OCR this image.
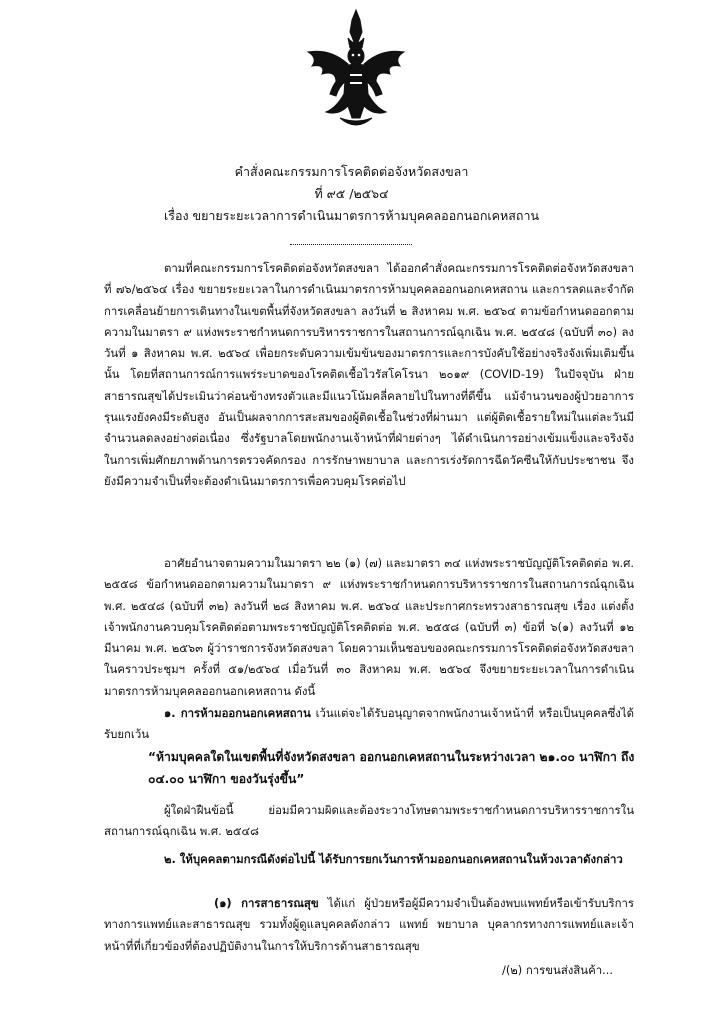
คำสั่งคณะกรรมการโรคติดต่อจังหวัดสงขลา
ที่ ๙๕ /๒๕๖๔
เรื่อง ขยายระยะเวลาการดำเนินมาตรการห้ามบุคคลออกนอกเคหสถาน

ตามที่คณะกรรมการโรคติดต่อจังหวัดสงขลา ได้ออกคำสั่งคณะกรรมการโรคติดต่อจังหวัดสงขลา ที่ ๗๖/๒๕๖๔ เรื่อง ขยายระยะเวลาในการดำเนินมาตรการห้ามบุคคลออกนอกเคหสถาน และการลดและจำกัดการเคลื่อนย้ายการเดินทางในเขตพื้นที่จังหวัดสงขลา ลงวันที่ ๒ สิงหาคม พ.ศ. ๒๕๖๔ ตามข้อกำหนดออกตามความในมาตรา ๙ แห่งพระราชกำหนดการบริหารราชการในสถานการณ์ฉุกเฉิน พ.ศ. ๒๕๔๘ (ฉบับที่ ๓๐) ลงวันที่ ๑ สิงหาคม พ.ศ. ๒๕๖๔ เพื่อยกระดับความเข้มข้นของมาตรการและการบังคับใช้อย่างจริงจังเพิ่มเติมขึ้นนั้น โดยที่สถานการณ์การแพร่ระบาดของโรคติดเชื้อไวรัสโคโรนา ๒๐๑๙ (COVID-19) ในปัจจุบัน ฝ่ายสาธารณสุขได้ประเมินว่าค่อนข้างทรงตัวและมีแนวโน้มคลี่คลายไปในทางที่ดีขึ้น แม้จำนวนของผู้ป่วยอาการรุนแรงยังคงมีระดับสูง อันเป็นผลจากการสะสมของผู้ติดเชื้อในช่วงที่ผ่านมา แต่ผู้ติดเชื้อรายใหม่ในแต่ละวันมีจำนวนลดลงอย่างต่อเนื่อง ซึ่งรัฐบาลโดยพนักงานเจ้าหน้าที่ฝ่ายต่างๆ ได้ดำเนินการอย่างเข้มแข็งและจริงจัง ในการเพิ่มศักยภาพด้านการตรวจคัดกรอง การรักษาพยาบาล และการเร่งรัดการฉีดวัคซีนให้กับประชาชน จึงยังมีความจำเป็นที่จะต้องดำเนินมาตรการเพื่อควบคุมโรคต่อไป

อาศัยอำนาจตามความในมาตรา ๒๒ (๑) (๗) และมาตรา ๓๔ แห่งพระราชบัญญัติโรคติดต่อ พ.ศ. ๒๕๕๘ ข้อกำหนดออกตามความในมาตรา ๙ แห่งพระราชกำหนดการบริหารราชการในสถานการณ์ฉุกเฉิน พ.ศ. ๒๕๔๘ (ฉบับที่ ๓๒) ลงวันที่ ๒๘ สิงหาคม พ.ศ. ๒๕๖๔ และประกาศกระทรวงสาธารณสุข เรื่อง แต่งตั้งเจ้าพนักงานควบคุมโรคติดต่อตามพระราชบัญญัติโรคติดต่อ พ.ศ. ๒๕๕๘ (ฉบับที่ ๓) ข้อที่ ๖(๑) ลงวันที่ ๑๒ มีนาคม พ.ศ. ๒๕๖๓ ผู้ว่าราชการจังหวัดสงขลา โดยความเห็นชอบของคณะกรรมการโรคติดต่อจังหวัดสงขลา ในคราวประชุมฯ ครั้งที่ ๕๑/๒๕๖๔ เมื่อวันที่ ๓๐ สิงหาคม พ.ศ. ๒๕๖๔ จึงขยายระยะเวลาในการดำเนินมาตรการห้ามบุคคลออกนอกเคหสถาน ดังนี้

๑. การห้ามออกนอกเคหสถาน เว้นแต่จะได้รับอนุญาตจากพนักงานเจ้าหน้าที่ หรือเป็นบุคคลซึ่งได้รับยกเว้น

“ห้ามบุคคลใดในเขตพื้นที่จังหวัดสงขลา ออกนอกเคหสถานในระหว่างเวลา ๒๑.๐๐ นาฬิกา ถึง ๐๔.๐๐ นาฬิกา ของวันรุ่งขึ้น”

ผู้ใดฝ่าฝืนข้อนี้ ย่อมมีความผิดและต้องระวางโทษตามพระราชกำหนดการบริหารราชการในสถานการณ์ฉุกเฉิน พ.ศ. ๒๕๔๘

๒. ให้บุคคลตามกรณีดังต่อไปนี้ ได้รับการยกเว้นการห้ามออกนอกเคหสถานในห้วงเวลาดังกล่าว

(๑) การสาธารณสุข ได้แก่ ผู้ป่วยหรือผู้มีความจำเป็นต้องพบแพทย์หรือเข้ารับบริการทางการแพทย์และสาธารณสุข รวมทั้งผู้ดูแลบุคคลดังกล่าว แพทย์ พยาบาล บุคลากรทางการแพทย์และเจ้าหน้าที่ที่เกี่ยวข้องที่ต้องปฏิบัติงานในการให้บริการด้านสาธารณสุข

/(๒) การขนส่งสินค้า...
